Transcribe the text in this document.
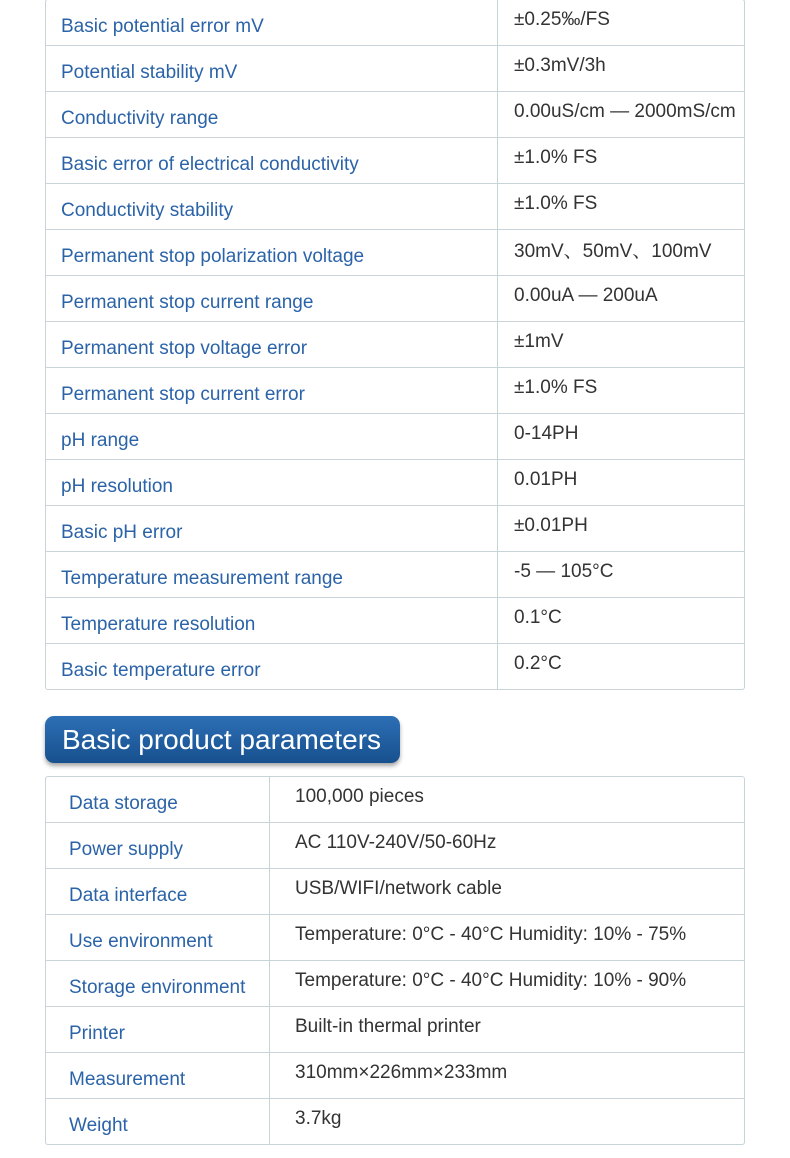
Basic potential error mV	±0.25‰/FS
Potential stability mV	±0.3mV/3h
Conductivity range	0.00uS/cm — 2000mS/cm
Basic error of electrical conductivity	±1.0% FS
Conductivity stability	±1.0% FS
Permanent stop polarization voltage	30mV、50mV、100mV
Permanent stop current range	0.00uA — 200uA
Permanent stop voltage error	±1mV
Permanent stop current error	±1.0% FS
pH range	0-14PH
pH resolution	0.01PH
Basic pH error	±0.01PH
Temperature measurement range	-5 — 105°C
Temperature resolution	0.1°C
Basic temperature error	0.2°C
Basic product parameters
Data storage	100,000 pieces
Power supply	AC 110V-240V/50-60Hz
Data interface	USB/WIFI/network cable
Use environment	Temperature: 0°C - 40°C Humidity: 10% - 75%
Storage environment	Temperature: 0°C - 40°C Humidity: 10% - 90%
Printer	Built-in thermal printer
Measurement	310mm×226mm×233mm
Weight	3.7kg
